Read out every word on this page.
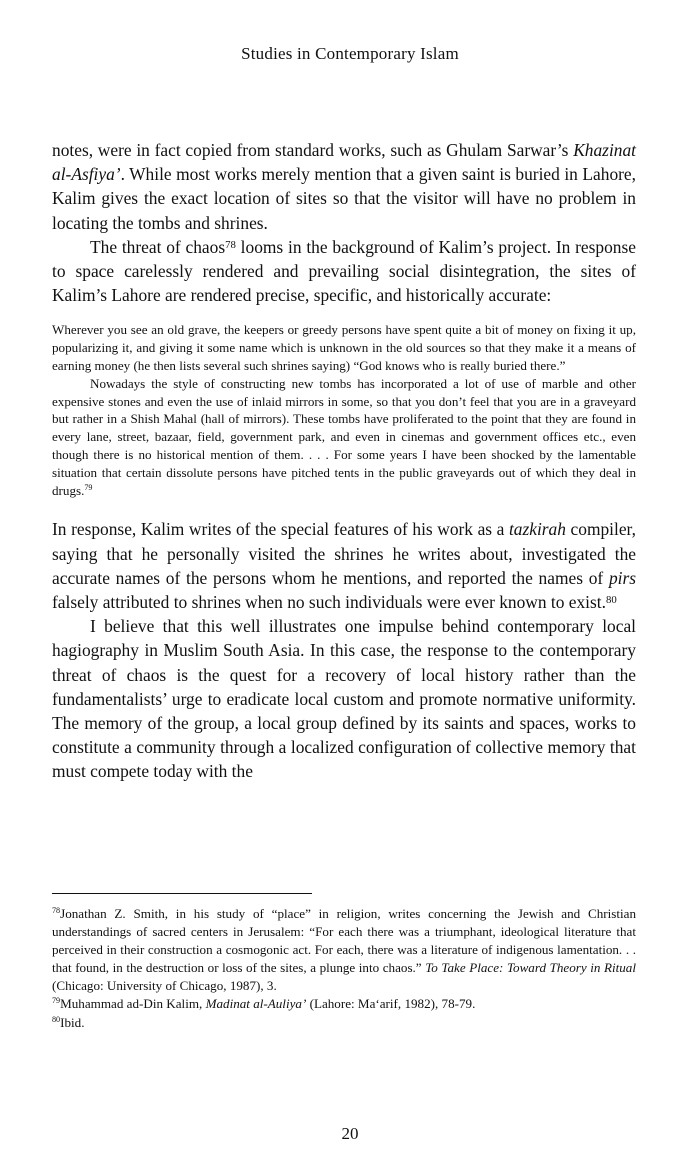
Studies in Contemporary Islam

notes, were in fact copied from standard works, such as Ghulam Sarwar’s Khazinat al-Asfiya’. While most works merely mention that a given saint is buried in Lahore, Kalim gives the exact location of sites so that the visitor will have no problem in locating the tombs and shrines.

The threat of chaos$^{78}$ looms in the background of Kalim’s project. In response to space carelessly rendered and prevailing social disintegration, the sites of Kalim’s Lahore are rendered precise, specific, and historically accurate:

Wherever you see an old grave, the keepers or greedy persons have spent quite a bit of money on fixing it up, popularizing it, and giving it some name which is unknown in the old sources so that they make it a means of earning money (he then lists several such shrines saying) “God knows who is really buried there.”

Nowadays the style of constructing new tombs has incorporated a lot of use of marble and other expensive stones and even the use of inlaid mirrors in some, so that you don’t feel that you are in a graveyard but rather in a Shish Mahal (hall of mirrors). These tombs have proliferated to the point that they are found in every lane, street, bazaar, field, government park, and even in cinemas and government offices etc., even though there is no historical mention of them. . . . For some years I have been shocked by the lamentable situation that certain dissolute persons have pitched tents in the public graveyards out of which they deal in drugs.$^{79}$

In response, Kalim writes of the special features of his work as a tazkirah compiler, saying that he personally visited the shrines he writes about, investigated the accurate names of the persons whom he mentions, and reported the names of pirs falsely attributed to shrines when no such individuals were ever known to exist.$^{80}$

I believe that this well illustrates one impulse behind contemporary local hagiography in Muslim South Asia. In this case, the response to the contemporary threat of chaos is the quest for a recovery of local history rather than the fundamentalists’ urge to eradicate local custom and promote normative uniformity. The memory of the group, a local group defined by its saints and spaces, works to constitute a community through a localized configuration of collective memory that must compete today with the

$^{78}$Jonathan Z. Smith, in his study of “place” in religion, writes concerning the Jewish and Christian understandings of sacred centers in Jerusalem: “For each there was a triumphant, ideological literature that perceived in their construction a cosmogonic act. For each, there was a literature of indigenous lamentation. . . that found, in the destruction or loss of the sites, a plunge into chaos.” To Take Place: Toward Theory in Ritual (Chicago: University of Chicago, 1987), 3.

$^{79}$Muhammad ad-Din Kalim, Madinat al-Auliya’ (Lahore: Ma‘arif, 1982), 78-79.

$^{80}$Ibid.

20
